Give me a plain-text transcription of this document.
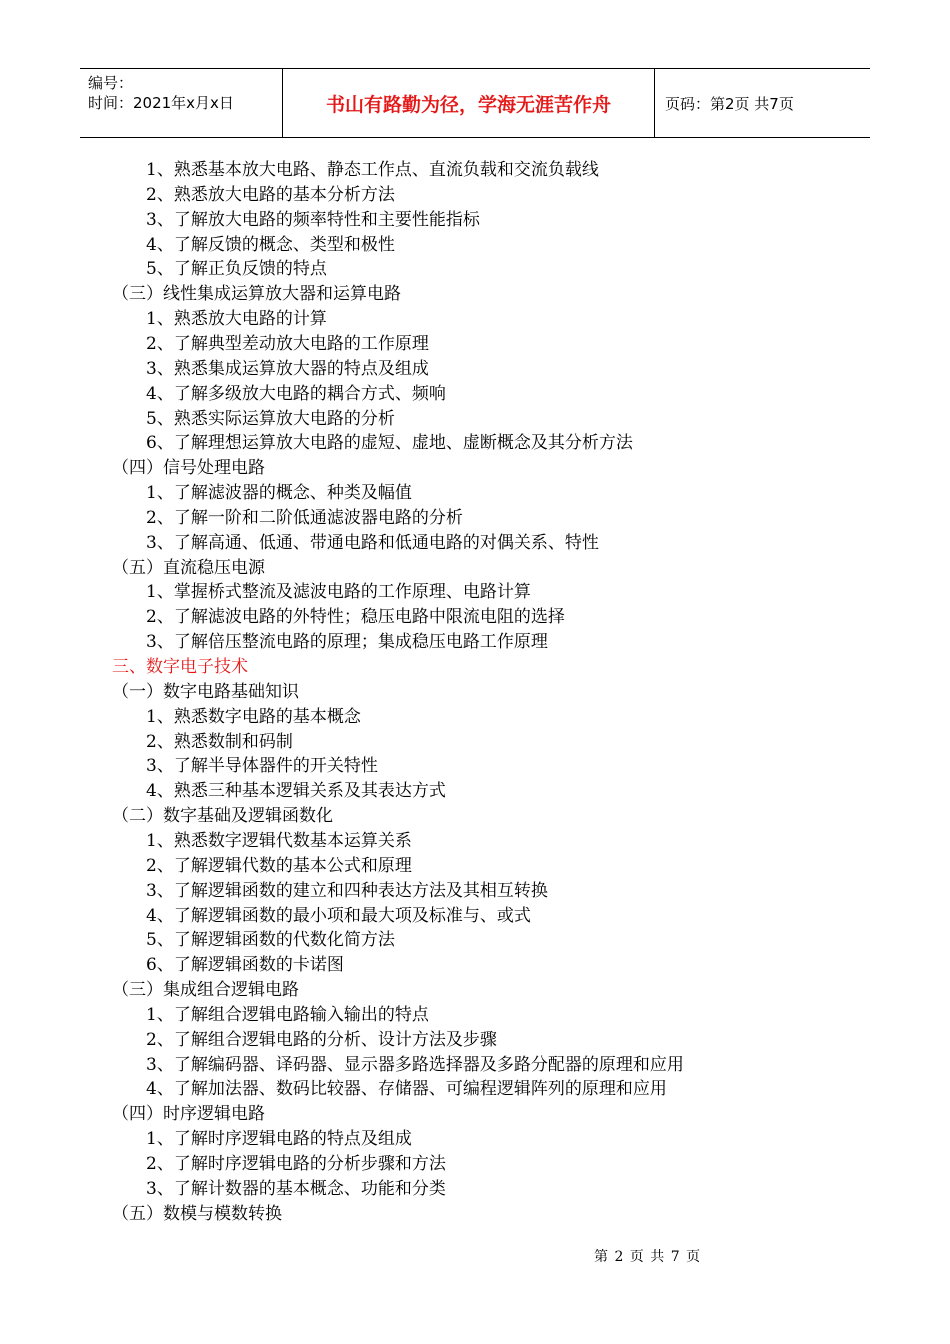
编号：
时间：2021年x月x日	书山有路勤为径，学海无涯苦作舟	页码：第2页 共7页
1、熟悉基本放大电路、静态工作点、直流负载和交流负载线
2、熟悉放大电路的基本分析方法
3、了解放大电路的频率特性和主要性能指标
4、了解反馈的概念、类型和极性
5、了解正负反馈的特点
（三）线性集成运算放大器和运算电路
1、熟悉放大电路的计算
2、了解典型差动放大电路的工作原理
3、熟悉集成运算放大器的特点及组成
4、了解多级放大电路的耦合方式、频响
5、熟悉实际运算放大电路的分析
6、了解理想运算放大电路的虚短、虚地、虚断概念及其分析方法
（四）信号处理电路
1、了解滤波器的概念、种类及幅值
2、了解一阶和二阶低通滤波器电路的分析
3、了解高通、低通、带通电路和低通电路的对偶关系、特性
（五）直流稳压电源
1、掌握桥式整流及滤波电路的工作原理、电路计算
2、了解滤波电路的外特性；稳压电路中限流电阻的选择
3、了解倍压整流电路的原理；集成稳压电路工作原理
三、数字电子技术
（一）数字电路基础知识
1、熟悉数字电路的基本概念
2、熟悉数制和码制
3、了解半导体器件的开关特性
4、熟悉三种基本逻辑关系及其表达方式
（二）数字基础及逻辑函数化
1、熟悉数字逻辑代数基本运算关系
2、了解逻辑代数的基本公式和原理
3、了解逻辑函数的建立和四种表达方法及其相互转换
4、了解逻辑函数的最小项和最大项及标准与、或式
5、了解逻辑函数的代数化简方法
6、了解逻辑函数的卡诺图
（三）集成组合逻辑电路
1、了解组合逻辑电路输入输出的特点
2、了解组合逻辑电路的分析、设计方法及步骤
3、了解编码器、译码器、显示器多路选择器及多路分配器的原理和应用
4、了解加法器、数码比较器、存储器、可编程逻辑阵列的原理和应用
（四）时序逻辑电路
1、了解时序逻辑电路的特点及组成
2、了解时序逻辑电路的分析步骤和方法
3、了解计数器的基本概念、功能和分类
（五）数模与模数转换
第 2 页 共 7 页
